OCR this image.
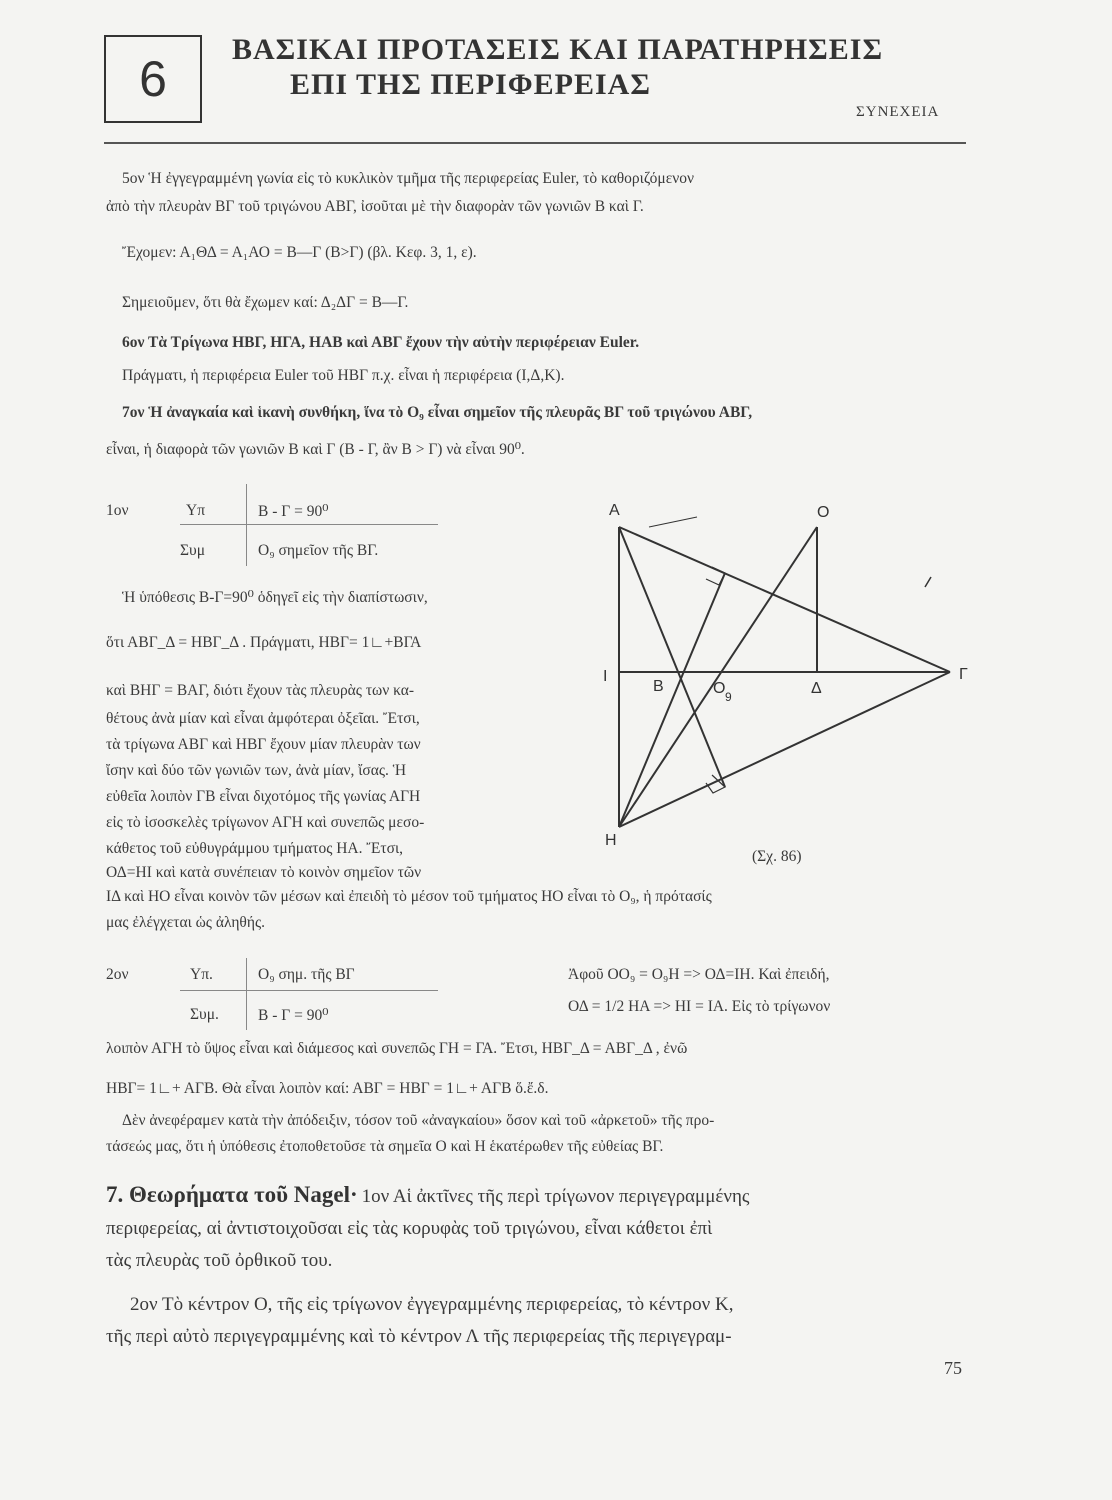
6
ΒΑΣΙΚΑΙ ΠΡΟΤΑΣΕΙΣ ΚΑΙ ΠΑΡΑΤΗΡΗΣΕΙΣ
ΕΠΙ ΤΗΣ ΠΕΡΙΦΕΡΕΙΑΣ
ΣΥΝΕΧΕΙΑ
5ον Ἡ ἐγγεγραμμένη γωνία εἰς τὸ κυκλικὸν τμῆμα τῆς περιφερείας Euler, τὸ καθοριζόμενον
ἀπὸ τὴν πλευρὰν ΒΓ τοῦ τριγώνου ΑΒΓ, ἰσοῦται μὲ τὴν διαφορὰν τῶν γωνιῶν Β καὶ Γ.
Ἔχομεν: Α₁ΘΔ = Α₁ΑΟ = Β—Γ (Β>Γ) (βλ. Κεφ. 3, 1, ε).
Σημειοῦμεν, ὅτι θὰ ἔχωμεν καί: Δ₂ΔΓ = Β—Γ.
6ον Τὰ Τρίγωνα ΗΒΓ, ΗΓΑ, ΗΑΒ καὶ ΑΒΓ ἔχουν τὴν αὐτὴν περιφέρειαν Euler.
Πράγματι, ἡ περιφέρεια Euler τοῦ ΗΒΓ π.χ. εἶναι ἡ περιφέρεια (Ι,Δ,Κ).
7ον Ἡ ἀναγκαία καὶ ἱκανὴ συνθήκη, ἵνα τὸ Ο₉ εἶναι σημεῖον τῆς πλευρᾶς ΒΓ τοῦ τριγώνου ΑΒΓ,
εἶναι, ἡ διαφορὰ τῶν γωνιῶν Β καὶ Γ (Β - Γ, ἂν Β > Γ) νὰ εἶναι 90⁰.
1ον	Υπ	Β - Γ = 90⁰
Συμ	Ο₉ σημεῖον τῆς ΒΓ.
Ἡ ὑπόθεσις Β-Γ=90⁰ ὁδηγεῖ εἰς τὴν διαπίστωσιν,
ὅτι ΑΒΓ_Δ = ΗΒΓ_Δ . Πράγματι, ΗΒΓ= 1∟+ΒΓΑ
καὶ ΒΗΓ = ΒΑΓ, διότι ἔχουν τὰς πλευρὰς των κα-
θέτους ἀνὰ μίαν καὶ εἶναι ἀμφότεραι ὀξεῖαι. Ἔτσι,
τὰ τρίγωνα ΑΒΓ καὶ ΗΒΓ ἔχουν μίαν πλευρὰν των
ἴσην καὶ δύο τῶν γωνιῶν των, ἀνὰ μίαν, ἴσας. Ἡ
εὐθεῖα λοιπὸν ΓΒ εἶναι διχοτόμος τῆς γωνίας ΑΓΗ
εἰς τὸ ἰσοσκελὲς τρίγωνον ΑΓΗ καὶ συνεπῶς μεσο-
κάθετος τοῦ εὐθυγράμμου τμήματος ΗΑ. Ἔτσι,
ΟΔ=ΗΙ καὶ κατὰ συνέπειαν τὸ κοινὸν σημεῖον τῶν
ΙΔ καὶ ΗΟ εἶναι κοινὸν τῶν μέσων καὶ ἐπειδὴ τὸ μέσον τοῦ τμήματος ΗΟ εἶναι τὸ Ο₉, ἡ πρότασίς
μας ἐλέγχεται ὡς ἀληθής.
A	O
I
B	O 9	Δ
Γ
H
(Σχ. 86)
2ον	Υπ.	Ο₉ σημ. τῆς ΒΓ
Συμ.	Β - Γ = 90⁰
Ἀφοῦ ΟΟ₉ = Ο₉Η => ΟΔ=ΙΗ. Καὶ ἐπειδή,
ΟΔ = 1/2 ΗΑ => ΗΙ = ΙΑ. Εἰς τὸ τρίγωνον
λοιπὸν ΑΓΗ τὸ ὕψος εἶναι καὶ διάμεσος καὶ συνεπῶς ΓΗ = ΓΑ. Ἔτσι, ΗΒΓ_Δ = ΑΒΓ_Δ , ἐνῶ
ΗΒΓ= 1∟+ ΑΓΒ. Θὰ εἶναι λοιπὸν καί: ΑΒΓ = ΗΒΓ = 1∟+ ΑΓΒ ὅ.ἔ.δ.
Δὲν ἀνεφέραμεν κατὰ τὴν ἀπόδειξιν, τόσον τοῦ «ἀναγκαίου» ὅσον καὶ τοῦ «ἀρκετοῦ» τῆς προ-
τάσεώς μας, ὅτι ἡ ὑπόθεσις ἐτοποθετοῦσε τὰ σημεῖα Ο καὶ Η ἑκατέρωθεν τῆς εὐθείας ΒΓ.
7. Θεωρήματα τοῦ Nagel· 1ον Αἱ ἀκτῖνες τῆς περὶ τρίγωνον περιγεγραμμένης
περιφερείας, αἱ ἀντιστοιχοῦσαι εἰς τὰς κορυφὰς τοῦ τριγώνου, εἶναι κάθετοι ἐπὶ
τὰς πλευρὰς τοῦ ὀρθικοῦ του.
2ον Τὸ κέντρον Ο, τῆς εἰς τρίγωνον ἐγγεγραμμένης περιφερείας, τὸ κέντρον Κ,
τῆς περὶ αὐτὸ περιγεγραμμένης καὶ τὸ κέντρον Λ τῆς περιφερείας τῆς περιγεγραμ-
75
